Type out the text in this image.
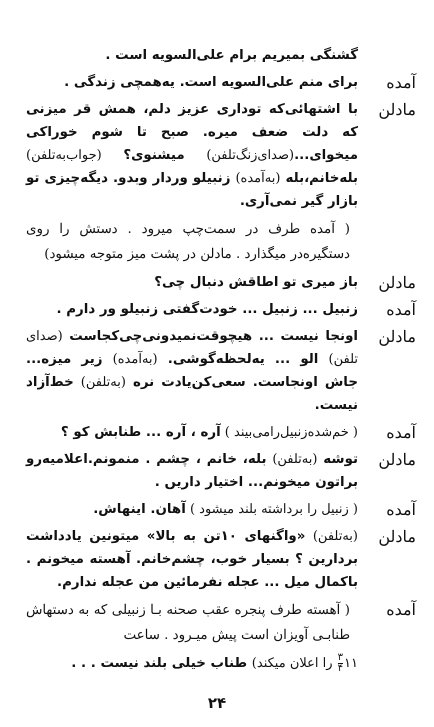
گشنگی بمیریم برام علی‌السویه است .
آمده
برای منم علی‌السویه است. یه‌همچی زندگی .
مادلن
با اشتهائی‌که توداری عزیز دلم، همش قر میزنی که دلت ضعف میره. صبح تا شوم خوراکی میخوای...(صدای‌زنگ‌تلفن) میشنوی؟ (جواب‌به‌تلفن) بلەخانم،بله (به‌آمده) زنبیلو وردار وبدو. دیگه‌چیزی تو بازار گیر نمی‌آری.
( آمده طرف در سمت‌چپ میرود . دستش را روی دستگیره‌در میگذارد . مادلن در پشت میز متوجه میشود)
مادلن
باز میری تو اطاقش دنبال چی؟
آمده
زنبیل ... زنبیل ... خودت‌گفتی زنبیلو ور دارم .
مادلن
اونجا نیست ... هیچوقت‌نمیدونی‌چی‌کجاست (صدای تلفن) الو ... یه‌لحظه‌گوشی. (به‌آمده) زیر میزه... جاش اونجاست. سعی‌کن‌یادت نره (به‌تلفن) خط‌آزاد نیست.
آمده
( خم‌شده‌زنبیل‌رامی‌بیند ) آره ، آره ... طنابش کو ؟
مادلن
توشه (به‌تلفن) بله، خانم ، چشم . منمونم.اعلامیه‌رو براتون میخونم... اختیار داریں .
آمده
( زنبیل را برداشته بلند میشود ) آهان. اینهاش.
مادلن
(به‌تلفن) «واگنهای ۱۰تن به بالا» میتونین یادداشت بردارین ؟ بسیار خوب، چشم‌خانم. آهسته میخونم . باکمال میل ... عجله نفرمائین من عجله ندارم.
آمده
( آهسته طرف پنجره عقب صحنه بـا زنبیلی که به دستهاش طنابـی آویزان است پیش میـرود . ساعت
۱۱
$\frac{۳}{۴}$
را اعلان میکند) طناب خیلی بلند نیست . . .
۲۴
